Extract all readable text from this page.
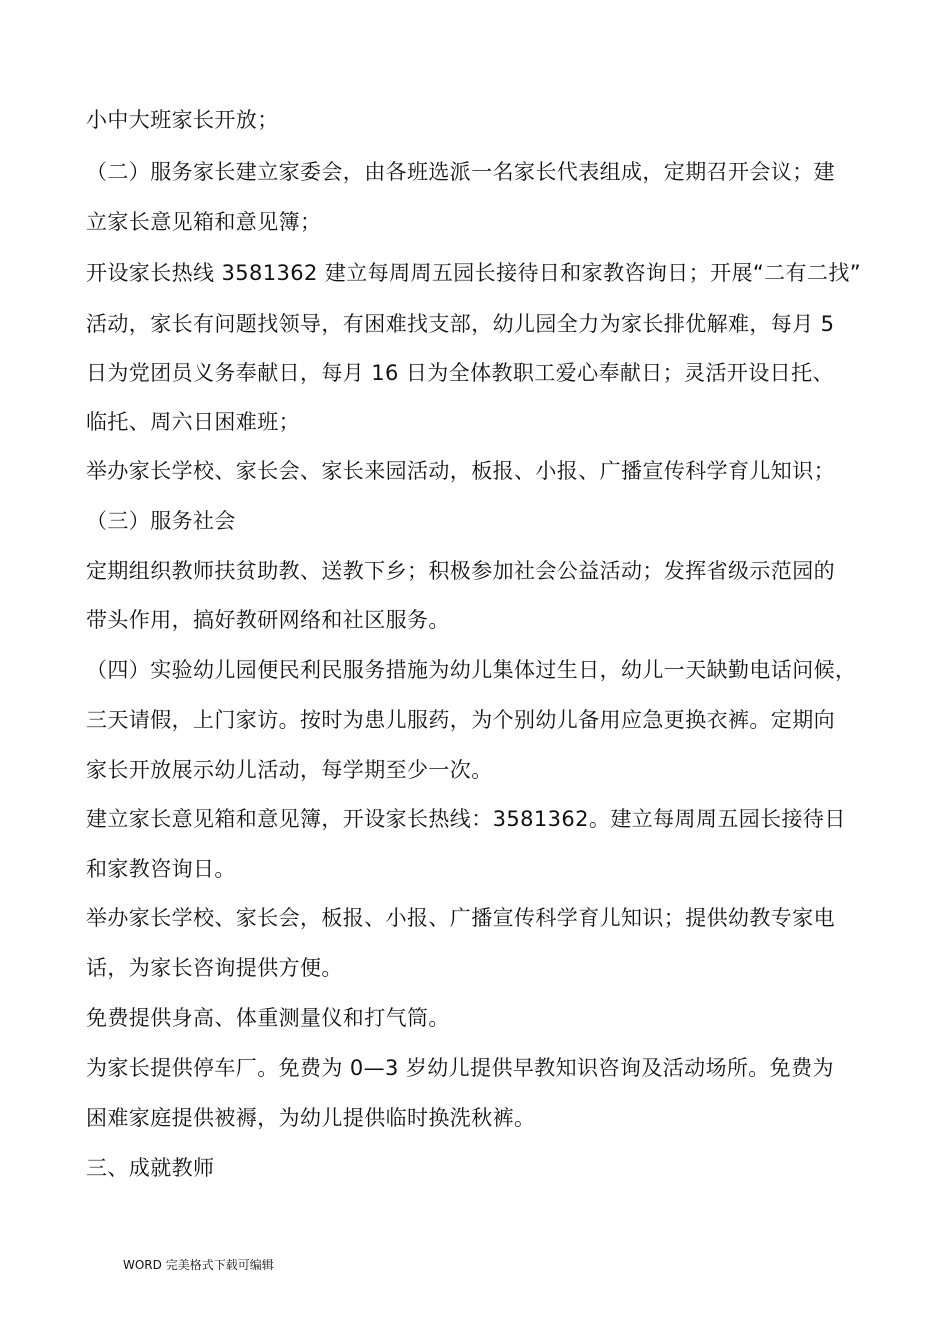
小中大班家长开放；
（二）服务家长建立家委会，由各班选派一名家长代表组成，定期召开会议；建
立家长意见箱和意见簿；
开设家长热线 3581362 建立每周周五园长接待日和家教咨询日；开展“二有二找”
活动，家长有问题找领导，有困难找支部，幼儿园全力为家长排优解难，每月 5
日为党团员义务奉献日，每月 16 日为全体教职工爱心奉献日；灵活开设日托、
临托、周六日困难班；
举办家长学校、家长会、家长来园活动，板报、小报、广播宣传科学育儿知识；
（三）服务社会
定期组织教师扶贫助教、送教下乡；积极参加社会公益活动；发挥省级示范园的
带头作用，搞好教研网络和社区服务。
（四）实验幼儿园便民利民服务措施为幼儿集体过生日，幼儿一天缺勤电话问候，
三天请假，上门家访。按时为患儿服药，为个别幼儿备用应急更换衣裤。定期向
家长开放展示幼儿活动，每学期至少一次。
建立家长意见箱和意见簿，开设家长热线：3581362。建立每周周五园长接待日
和家教咨询日。
举办家长学校、家长会，板报、小报、广播宣传科学育儿知识；提供幼教专家电
话，为家长咨询提供方便。
免费提供身高、体重测量仪和打气筒。
为家长提供停车厂。免费为 0—3 岁幼儿提供早教知识咨询及活动场所。免费为
困难家庭提供被褥，为幼儿提供临时换洗秋裤。
三、成就教师
WORD 完美格式下载可编辑
